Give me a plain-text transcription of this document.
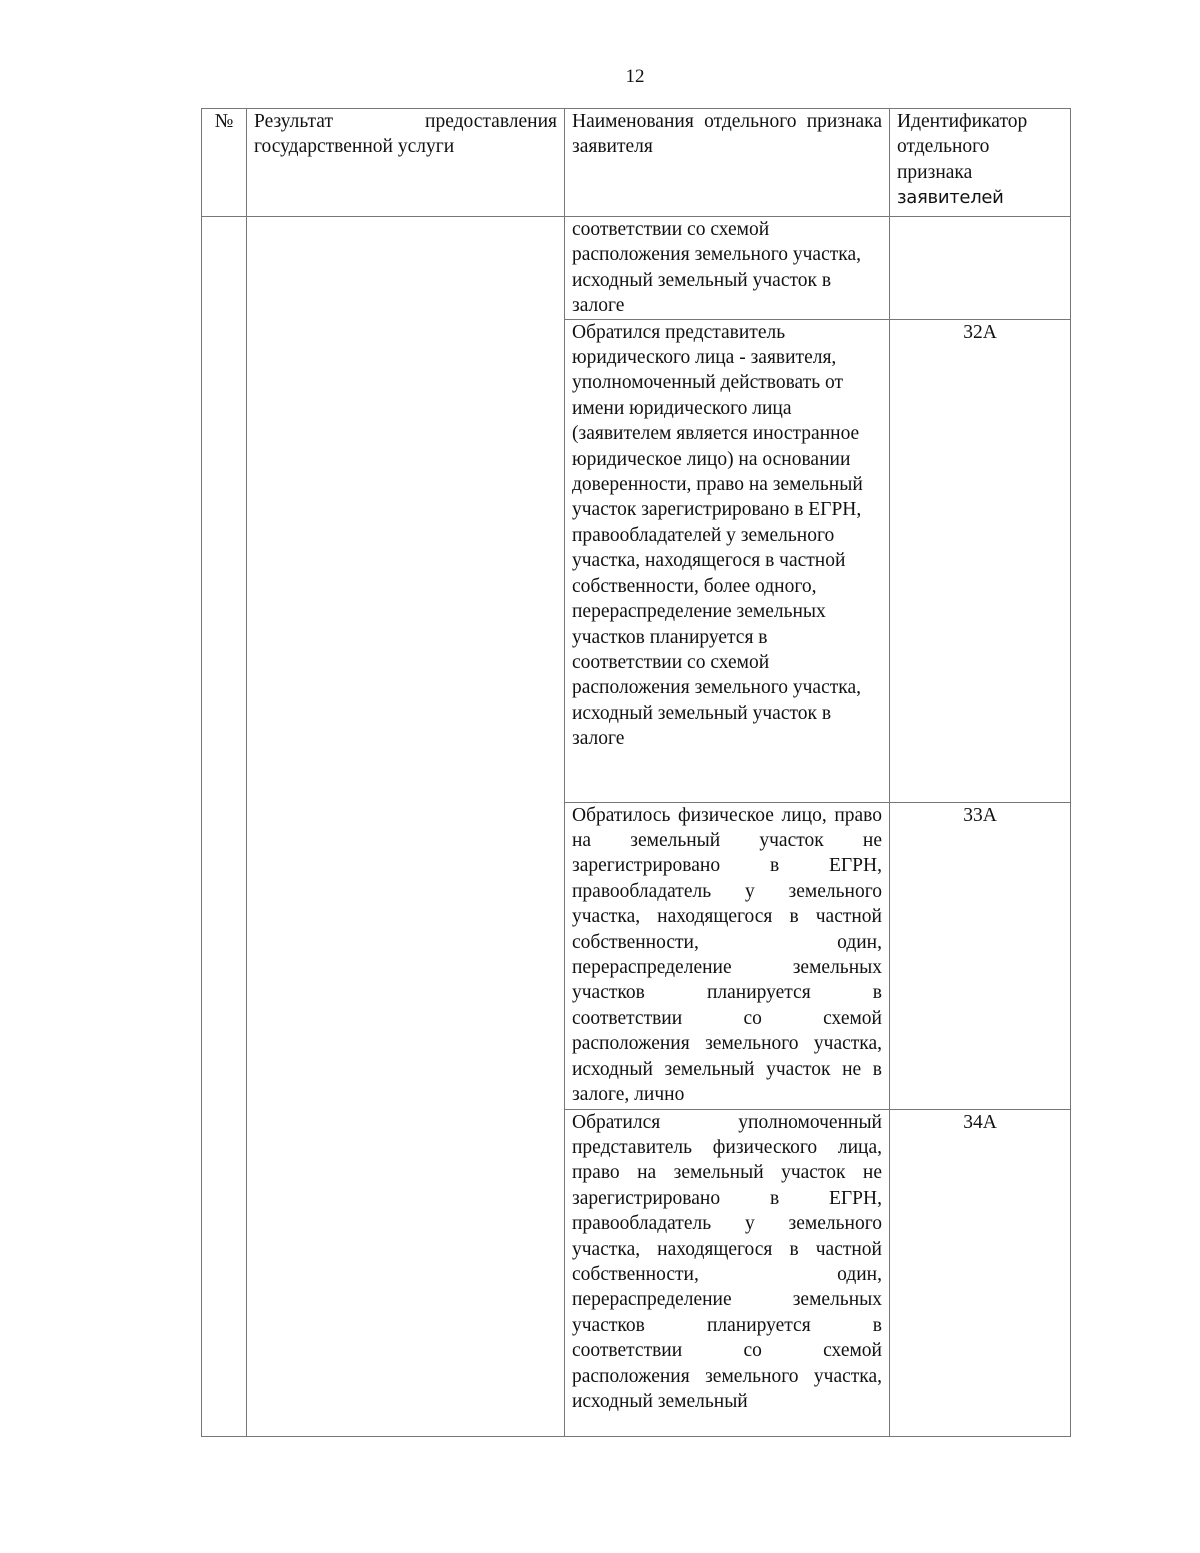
12
№	Результат предоставления государственной услуги	Наименования отдельного признака заявителя	Идентификатор отдельного признака
заявителей

		соответствии со схемой расположения земельного участка, исходный земельный участок в залоге	
		Обратился представитель юридического лица - заявителя, уполномоченный действовать от имени юридического лица (заявителем является иностранное юридическое лицо) на основании доверенности, право на земельный участок зарегистрировано в ЕГРН, правообладателей у земельного участка, находящегося в частной собственности, более одного, перераспределение земельных участков планируется в соответствии со схемой расположения земельного участка, исходный земельный участок в залоге	32А
		Обратилось физическое лицо, право на земельный участок не зарегистрировано в ЕГРН, правообладатель у земельного участка, находящегося в частной собственности, один, перераспределение земельных участков планируется в соответствии со схемой расположения земельного участка, исходный земельный участок не в залоге, лично	33А
		Обратился уполномоченный представитель физического лица, право на земельный участок не зарегистрировано в ЕГРН, правообладатель у земельного участка, находящегося в частной собственности, один, перераспределение земельных участков планируется в соответствии со схемой расположения земельного участка, исходный земельный	34А
